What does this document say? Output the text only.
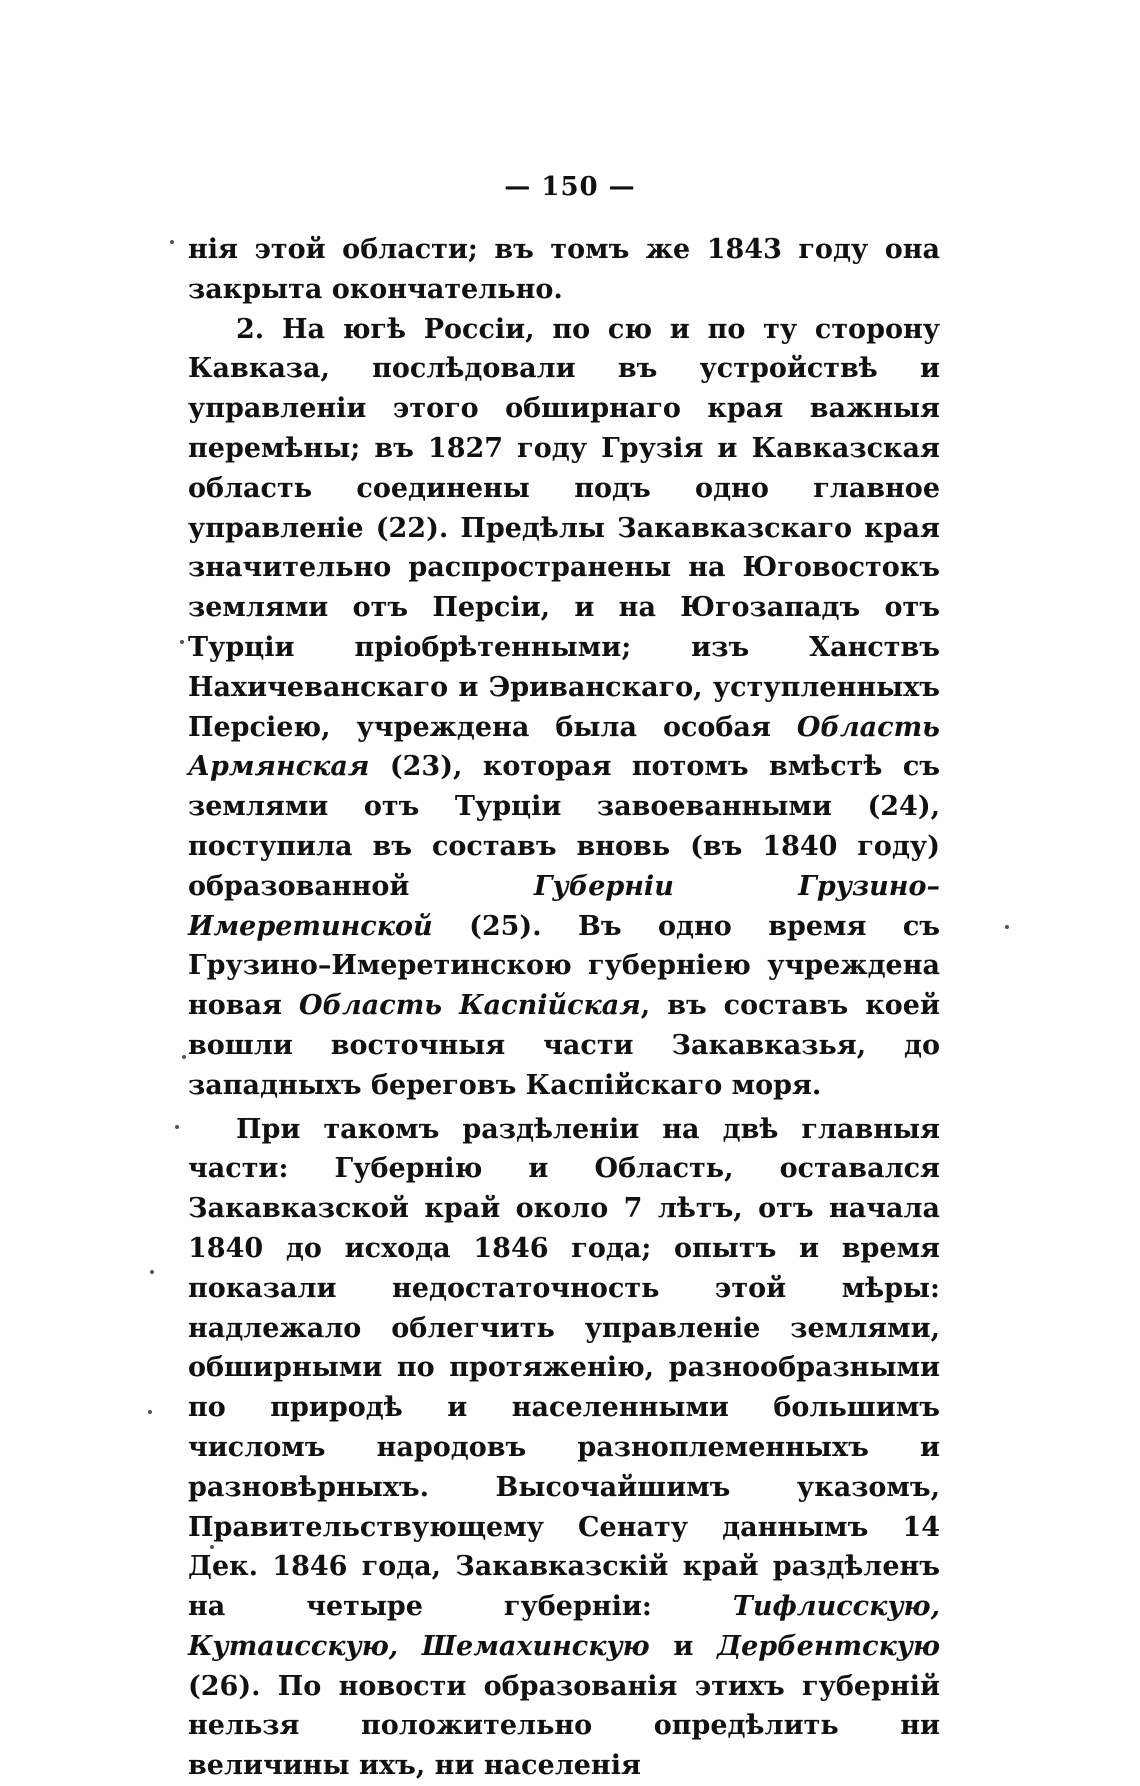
— 150 —

нія этой области; въ томъ же 1843 году она закрыта окончательно.

2. На югѣ Россіи, по сю и по ту сторону Кавказа, послѣдовали въ устройствѣ и управленіи этого обширнаго края важныя перемѣны; въ 1827 году Грузія и Кавказская область соединены подъ одно главное управленіе (22). Предѣлы Закавказскаго края значительно распространены на Юговостокъ землями отъ Персіи, и на Югозападъ отъ Турціи пріобрѣтенными; изъ Ханствъ Нахичеванскаго и Эриванскаго, уступленныхъ Персіею, учреждена была особая Область Армянская (23), которая потомъ вмѣстѣ съ землями отъ Турціи завоеванными (24), поступила въ составъ вновь (въ 1840 году) образованной Губерніи Грузино–Имеретинской (25). Въ одно время съ Грузино–Имеретинскою губерніею учреждена новая Область Каспійская, въ составъ коей вошли восточныя части Закавказья, до западныхъ береговъ Каспійскаго моря.

При такомъ раздѣленіи на двѣ главныя части: Губернію и Область, оставался Закавказской край около 7 лѣтъ, отъ начала 1840 до исхода 1846 года; опытъ и время показали недостаточность этой мѣры: надлежало облегчить управленіе землями, обширными по протяженію, разнообразными по природѣ и населенными большимъ числомъ народовъ разноплеменныхъ и разновѣрныхъ. Высочайшимъ указомъ, Правительствующему Сенату даннымъ 14 Дек. 1846 года, Закавказскій край раздѣленъ на четыре губерніи: Тифлисскую, Кутаисскую, Шемахинскую и Дербентскую (26). По новости образованія этихъ губерній нельзя положительно опредѣлить ни величины ихъ, ни населенія
